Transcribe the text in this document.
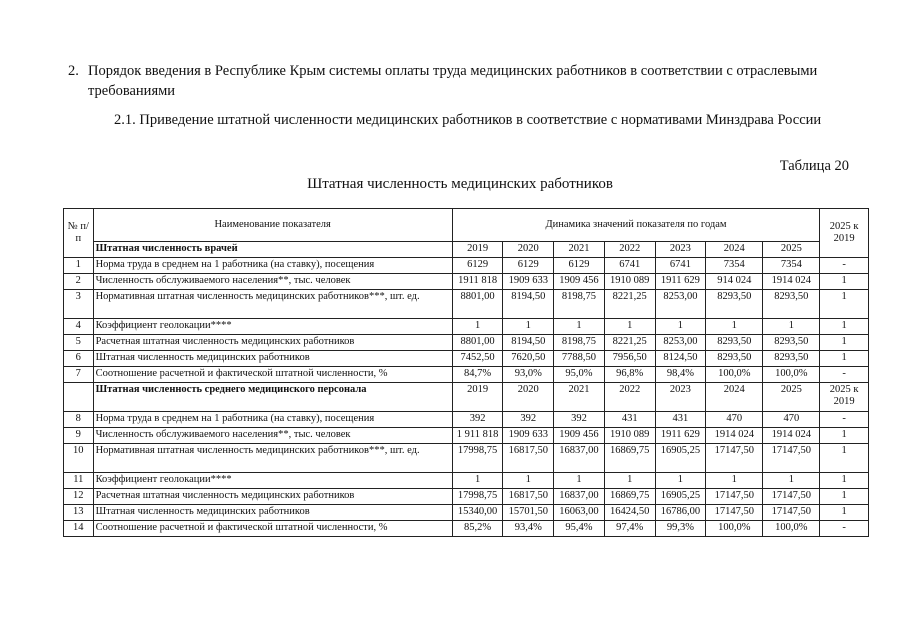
2. Порядок введения в Республике Крым системы оплаты труда медицинских работников в соответствии с отраслевыми
требованиями
2.1. Приведение штатной численности медицинских работников в соответствие с нормативами Минздрава России
Таблица 20
Штатная численность медицинских работников
№ п/п	Наименование показателя	Динамика значений показателя по годам							2025 к 2019
	Штатная численность врачей	2019	2020	2021	2022	2023	2024	2025	
1	Норма труда в среднем на 1 работника (на ставку), посещения	6129	6129	6129	6741	6741	7354	7354	-
2	Численность обслуживаемого населения**, тыс. человек	1911 818	1909 633	1909 456	1910 089	1911 629	914 024	1914 024	1
3	Нормативная штатная численность медицинских работников***, шт. ед.	8801,00	8194,50	8198,75	8221,25	8253,00	8293,50	8293,50	1
4	Коэффициент геолокации****	1	1	1	1	1	1	1	1
5	Расчетная штатная численность медицинских работников	8801,00	8194,50	8198,75	8221,25	8253,00	8293,50	8293,50	1
6	Штатная численность медицинских работников	7452,50	7620,50	7788,50	7956,50	8124,50	8293,50	8293,50	1
7	Соотношение расчетной и фактической штатной численности, %	84,7%	93,0%	95,0%	96,8%	98,4%	100,0%	100,0%	-
	Штатная численность среднего медицинского персонала	2019	2020	2021	2022	2023	2024	2025	2025 к 2019
8	Норма труда в среднем на 1 работника (на ставку), посещения	392	392	392	431	431	470	470	-
9	Численность обслуживаемого населения**, тыс. человек	1 911 818	1909 633	1909 456	1910 089	1911 629	1914 024	1914 024	1
10	Нормативная штатная численность медицинских работников***, шт. ед.	17998,75	16817,50	16837,00	16869,75	16905,25	17147,50	17147,50	1
11	Коэффициент геолокации****	1	1	1	1	1	1	1	1
12	Расчетная штатная численность медицинских работников	17998,75	16817,50	16837,00	16869,75	16905,25	17147,50	17147,50	1
13	Штатная численность медицинских работников	15340,00	15701,50	16063,00	16424,50	16786,00	17147,50	17147,50	1
14	Соотношение расчетной и фактической штатной численности, %	85,2%	93,4%	95,4%	97,4%	99,3%	100,0%	100,0%	-
